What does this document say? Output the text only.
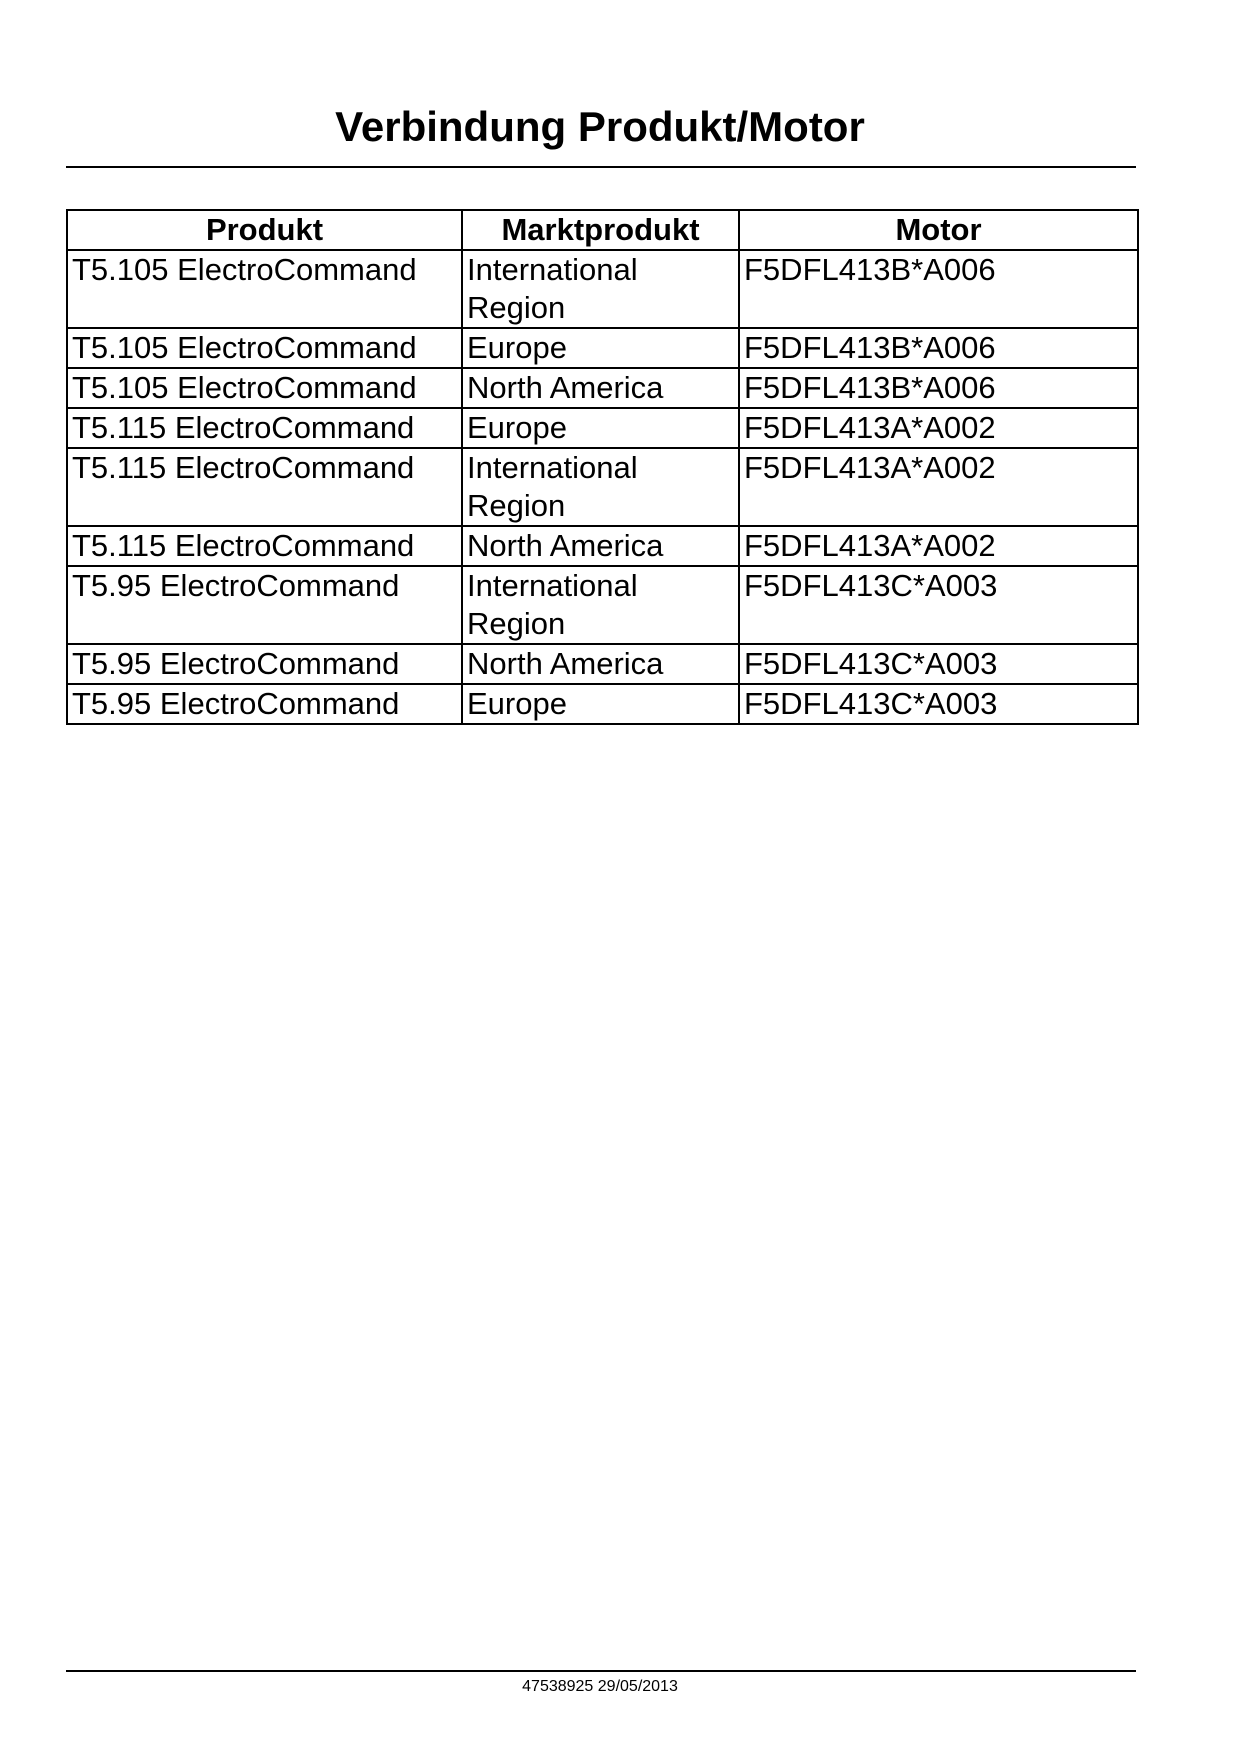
Verbindung Produkt/Motor
Produkt	Marktprodukt	Motor
T5.105 ElectroCommand	International Region	F5DFL413B*A006
T5.105 ElectroCommand	Europe	F5DFL413B*A006
T5.105 ElectroCommand	North America	F5DFL413B*A006
T5.115 ElectroCommand	Europe	F5DFL413A*A002
T5.115 ElectroCommand	International Region	F5DFL413A*A002
T5.115 ElectroCommand	North America	F5DFL413A*A002
T5.95 ElectroCommand	International Region	F5DFL413C*A003
T5.95 ElectroCommand	North America	F5DFL413C*A003
T5.95 ElectroCommand	Europe	F5DFL413C*A003
47538925 29/05/2013
